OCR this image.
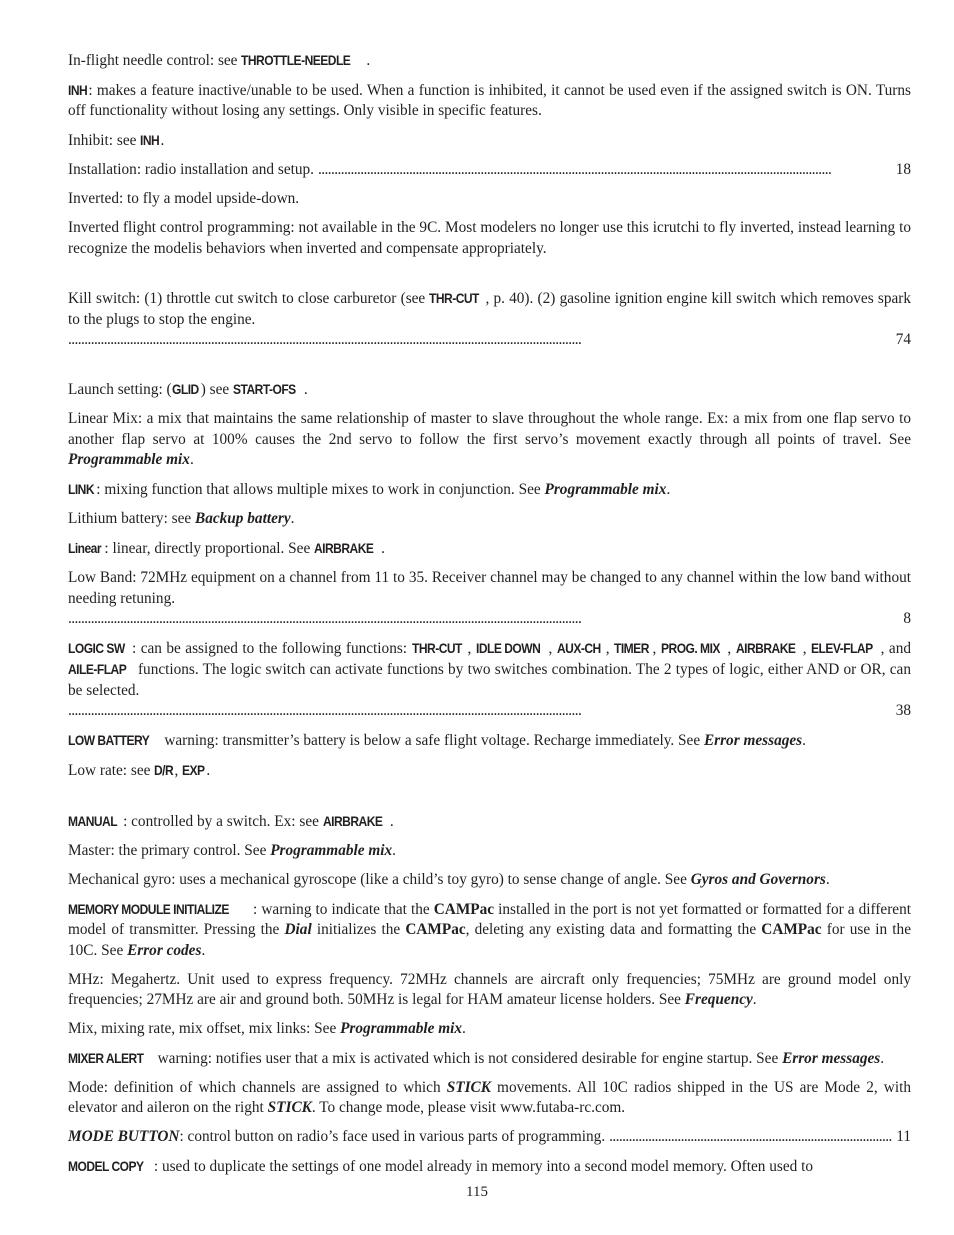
In-flight needle control: see THROTTLE-NEEDLE .

INH: makes a feature inactive/unable to be used. When a function is inhibited, it cannot be used even if the assigned switch is ON. Turns off functionality without losing any settings. Only visible in specific features.

Inhibit: see INH.

Installation: radio installation and setup. . . .	18

Inverted: to fly a model upside-down.

Inverted flight control programming: not available in the 9C. Most modelers no longer use this icrutchi to fly inverted, instead learning to recognize the modelis behaviors when inverted and compensate appropriately.

Kill switch: (1) throttle cut switch to close carburetor (see THR-CUT , p. 40). (2) gasoline ignition engine kill switch which removes spark to the plugs to stop the engine.

. . .
74

Launch setting: (GLID ) see START-OFS .

Linear Mix: a mix that maintains the same relationship of master to slave throughout the whole range. Ex: a mix from one flap servo to another flap servo at 100% causes the 2nd servo to follow the first servo’s movement exactly through all points of travel. See Programmable mix.

LINK : mixing function that allows multiple mixes to work in conjunction. See Programmable mix.

Lithium battery: see Backup battery.

Linear : linear, directly proportional. See AIRBRAKE .

Low Band: 72MHz equipment on a channel from 11 to 35. Receiver channel may be changed to any channel within the low band without needing retuning.

. . .
8

LOGIC SW : can be assigned to the following functions: THR-CUT , IDLE DOWN , AUX-CH , TIMER , PROG. MIX , AIRBRAKE , ELEV-FLAP , and AILE-FLAP functions. The logic switch can activate functions by two switches combination. The 2 types of logic, either AND or OR, can be selected.

. . .
38

LOW BATTERY warning: transmitter’s battery is below a safe flight voltage. Recharge immediately. See Error messages.

Low rate: see D/R, EXP .

MANUAL : controlled by a switch. Ex: see AIRBRAKE .

Master: the primary control. See Programmable mix.

Mechanical gyro: uses a mechanical gyroscope (like a child’s toy gyro) to sense change of angle. See Gyros and Governors.

MEMORY MODULE INITIALIZE : warning to indicate that the CAMPac installed in the port is not yet formatted or formatted for a different model of transmitter. Pressing the Dial initializes the CAMPac, deleting any existing data and formatting the CAMPac for use in the 10C. See Error codes.

MHz: Megahertz. Unit used to express frequency. 72MHz channels are aircraft only frequencies; 75MHz are ground model only frequencies; 27MHz are air and ground both. 50MHz is legal for HAM amateur license holders. See Frequency.

Mix, mixing rate, mix offset, mix links: See Programmable mix.

MIXER ALERT warning: notifies user that a mix is activated which is not considered desirable for engine startup. See Error messages.

Mode: definition of which channels are assigned to which STICK movements. All 10C radios shipped in the US are Mode 2, with elevator and aileron on the right STICK. To change mode, please visit www.futaba-rc.com.

MODE BUTTON: control button on radio’s face used in various parts of programming. . . .	11

MODEL COPY : used to duplicate the settings of one model already in memory into a second model memory. Often used to

115
